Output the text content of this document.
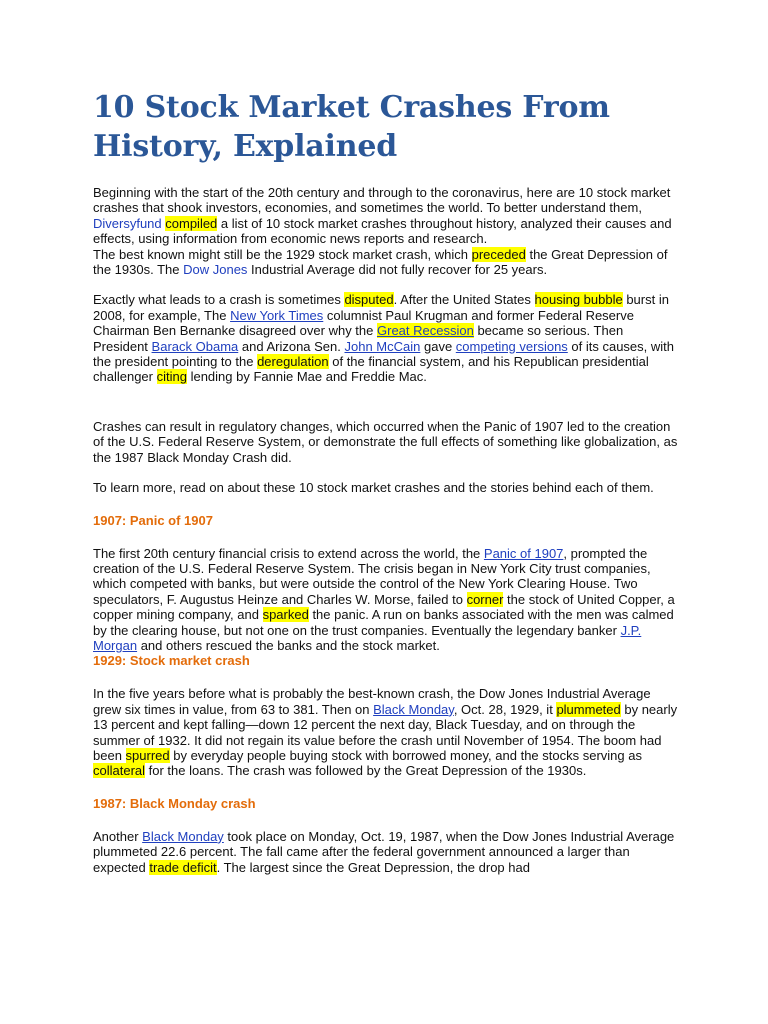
10 Stock Market Crashes From History, Explained

Beginning with the start of the 20th century and through to the coronavirus, here are 10 stock market crashes that shook investors, economies, and sometimes the world. To better understand them, Diversyfund compiled a list of 10 stock market crashes throughout history, analyzed their causes and effects, using information from economic news reports and research.

The best known might still be the 1929 stock market crash, which preceded the Great Depression of the 1930s. The Dow Jones Industrial Average did not fully recover for 25 years.

Exactly what leads to a crash is sometimes disputed. After the United States housing bubble burst in 2008, for example, The New York Times columnist Paul Krugman and former Federal Reserve Chairman Ben Bernanke disagreed over why the Great Recession became so serious. Then President Barack Obama and Arizona Sen. John McCain gave competing versions of its causes, with the president pointing to the deregulation of the financial system, and his Republican presidential challenger citing lending by Fannie Mae and Freddie Mac.

Crashes can result in regulatory changes, which occurred when the Panic of 1907 led to the creation of the U.S. Federal Reserve System, or demonstrate the full effects of something like globalization, as the 1987 Black Monday Crash did.

To learn more, read on about these 10 stock market crashes and the stories behind each of them.

1907: Panic of 1907

The first 20th century financial crisis to extend across the world, the Panic of 1907, prompted the creation of the U.S. Federal Reserve System. The crisis began in New York City trust companies, which competed with banks, but were outside the control of the New York Clearing House. Two speculators, F. Augustus Heinze and Charles W. Morse, failed to corner the stock of United Copper, a copper mining company, and sparked the panic. A run on banks associated with the men was calmed by the clearing house, but not one on the trust companies. Eventually the legendary banker J.P. Morgan and others rescued the banks and the stock market.

1929: Stock market crash

In the five years before what is probably the best-known crash, the Dow Jones Industrial Average grew six times in value, from 63 to 381. Then on Black Monday, Oct. 28, 1929, it plummeted by nearly 13 percent and kept falling—down 12 percent the next day, Black Tuesday, and on through the summer of 1932. It did not regain its value before the crash until November of 1954. The boom had been spurred by everyday people buying stock with borrowed money, and the stocks serving as collateral for the loans. The crash was followed by the Great Depression of the 1930s.

1987: Black Monday crash

Another Black Monday took place on Monday, Oct. 19, 1987, when the Dow Jones Industrial Average plummeted 22.6 percent. The fall came after the federal government announced a larger than expected trade deficit. The largest since the Great Depression, the drop had
